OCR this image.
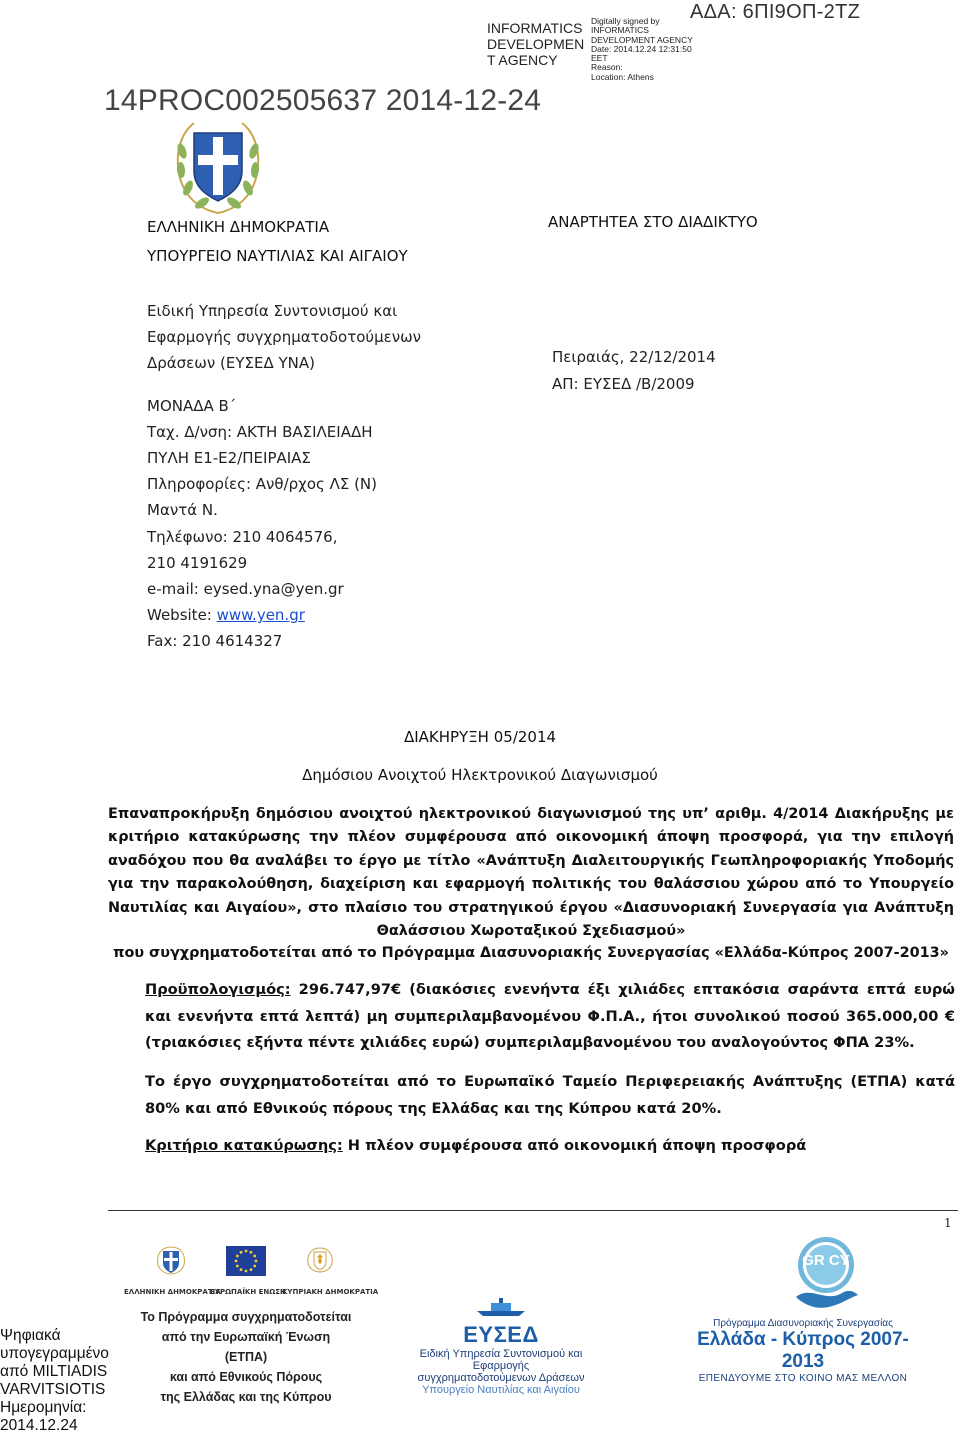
INFORMATICS
DEVELOPMEN
T AGENCY
Digitally signed by
INFORMATICS
DEVELOPMENT AGENCY
Date: 2014.12.24 12:31:50
EET
Reason:
Location: Athens
ΑΔΑ: 6ΠΙ9ΟΠ-2ΤΖ
14PROC002505637 2014-12-24
ΕΛΛΗΝΙΚΗ ΔΗΜΟΚΡΑΤΙΑ
ΥΠΟΥΡΓΕΙΟ ΝΑΥΤΙΛΙΑΣ ΚΑΙ ΑΙΓΑΙΟΥ
ΑΝΑΡΤΗΤΕΑ ΣΤΟ ΔΙΑΔΙΚΤΥΟ
Ειδική Υπηρεσία Συντονισμού και
Εφαρμογής συγχρηματοδοτούμενων
Δράσεων (ΕΥΣΕΔ ΥΝΑ)
ΜΟΝΑΔΑ Β΄
Ταχ. Δ/νση: ΑΚΤΗ ΒΑΣΙΛΕΙΑΔΗ
ΠΥΛΗ Ε1-Ε2/ΠΕΙΡΑΙΑΣ
Πληροφορίες: Ανθ/ρχος ΛΣ (Ν)
Μαντά Ν.
Τηλέφωνο: 210 4064576,
210 4191629
e-mail: eysed.yna@yen.gr
Website: www.yen.gr
Fax: 210 4614327
Πειραιάς, 22/12/2014
ΑΠ: ΕΥΣΕΔ /Β/2009
ΔΙΑΚΗΡΥΞΗ 05/2014
Δημόσιου Ανοιχτού Ηλεκτρονικού Διαγωνισμού
Επαναπροκήρυξη δημόσιου ανοιχτού ηλεκτρονικού διαγωνισμού της υπ’ αριθμ. 4/2014 Διακήρυξης με κριτήριο κατακύρωσης την πλέον συμφέρουσα από οικονομική άποψη προσφορά, για την επιλογή αναδόχου που θα αναλάβει το έργο με τίτλο «Ανάπτυξη Διαλειτουργικής Γεωπληροφοριακής Υποδομής για την παρακολούθηση, διαχείριση και εφαρμογή πολιτικής του θαλάσσιου χώρου από το Υπουργείο Ναυτιλίας και Αιγαίου», στο πλαίσιο του στρατηγικού έργου «Διασυνοριακή Συνεργασία για Ανάπτυξη Θαλάσσιου Χωροταξικού Σχεδιασμού»
που συγχρηματοδοτείται από το Πρόγραμμα Διασυνοριακής Συνεργασίας «Ελλάδα-Κύπρος 2007-2013»
Προϋπολογισμός: 296.747,97€ (διακόσιες ενενήντα έξι χιλιάδες επτακόσια σαράντα επτά ευρώ και ενενήντα επτά λεπτά) μη συμπεριλαμβανομένου Φ.Π.Α., ήτοι συνολικού ποσού 365.000,00 € (τριακόσιες εξήντα πέντε χιλιάδες ευρώ) συμπεριλαμβανομένου του αναλογούντος ΦΠΑ 23%.
Το έργο συγχρηματοδοτείται από το Ευρωπαϊκό Ταμείο Περιφερειακής Ανάπτυξης (ΕΤΠΑ) κατά 80% και από Εθνικούς πόρους της Ελλάδας και της Κύπρου κατά 20%.
Κριτήριο κατακύρωσης: Η πλέον συμφέρουσα από οικονομική άποψη προσφορά
1
ΕΛΛΗΝΙΚΗ ΔΗΜΟΚΡΑΤΙΑ
ΕΥΡΩΠΑΪΚΗ ΕΝΩΣΗ
ΚΥΠΡΙΑΚΗ ΔΗΜΟΚΡΑΤΙΑ
Το Πρόγραμμα συγχρηματοδοτείται
από την Ευρωπαϊκή Ένωση (ΕΤΠΑ)
και από Εθνικούς Πόρους
της Ελλάδας και της Κύπρου
ΕΥΣΕΔ
Ειδική Υπηρεσία Συντονισμού και Εφαρμογής
συγχρηματοδοτούμενων Δράσεων
Υπουργείο Ναυτιλίας και Αιγαίου
GR CY
Πρόγραμμα Διασυνοριακής Συνεργασίας
Ελλάδα - Κύπρος 2007-2013
ΕΠΕΝΔΥΟΥΜΕ ΣΤΟ ΚΟΙΝΟ ΜΑΣ ΜΕΛΛΟΝ
Ψηφιακά
υπογεγραμμένο
από MILTIADIS
VARVITSIOTIS
Ημερομηνία:
2014.12.24
